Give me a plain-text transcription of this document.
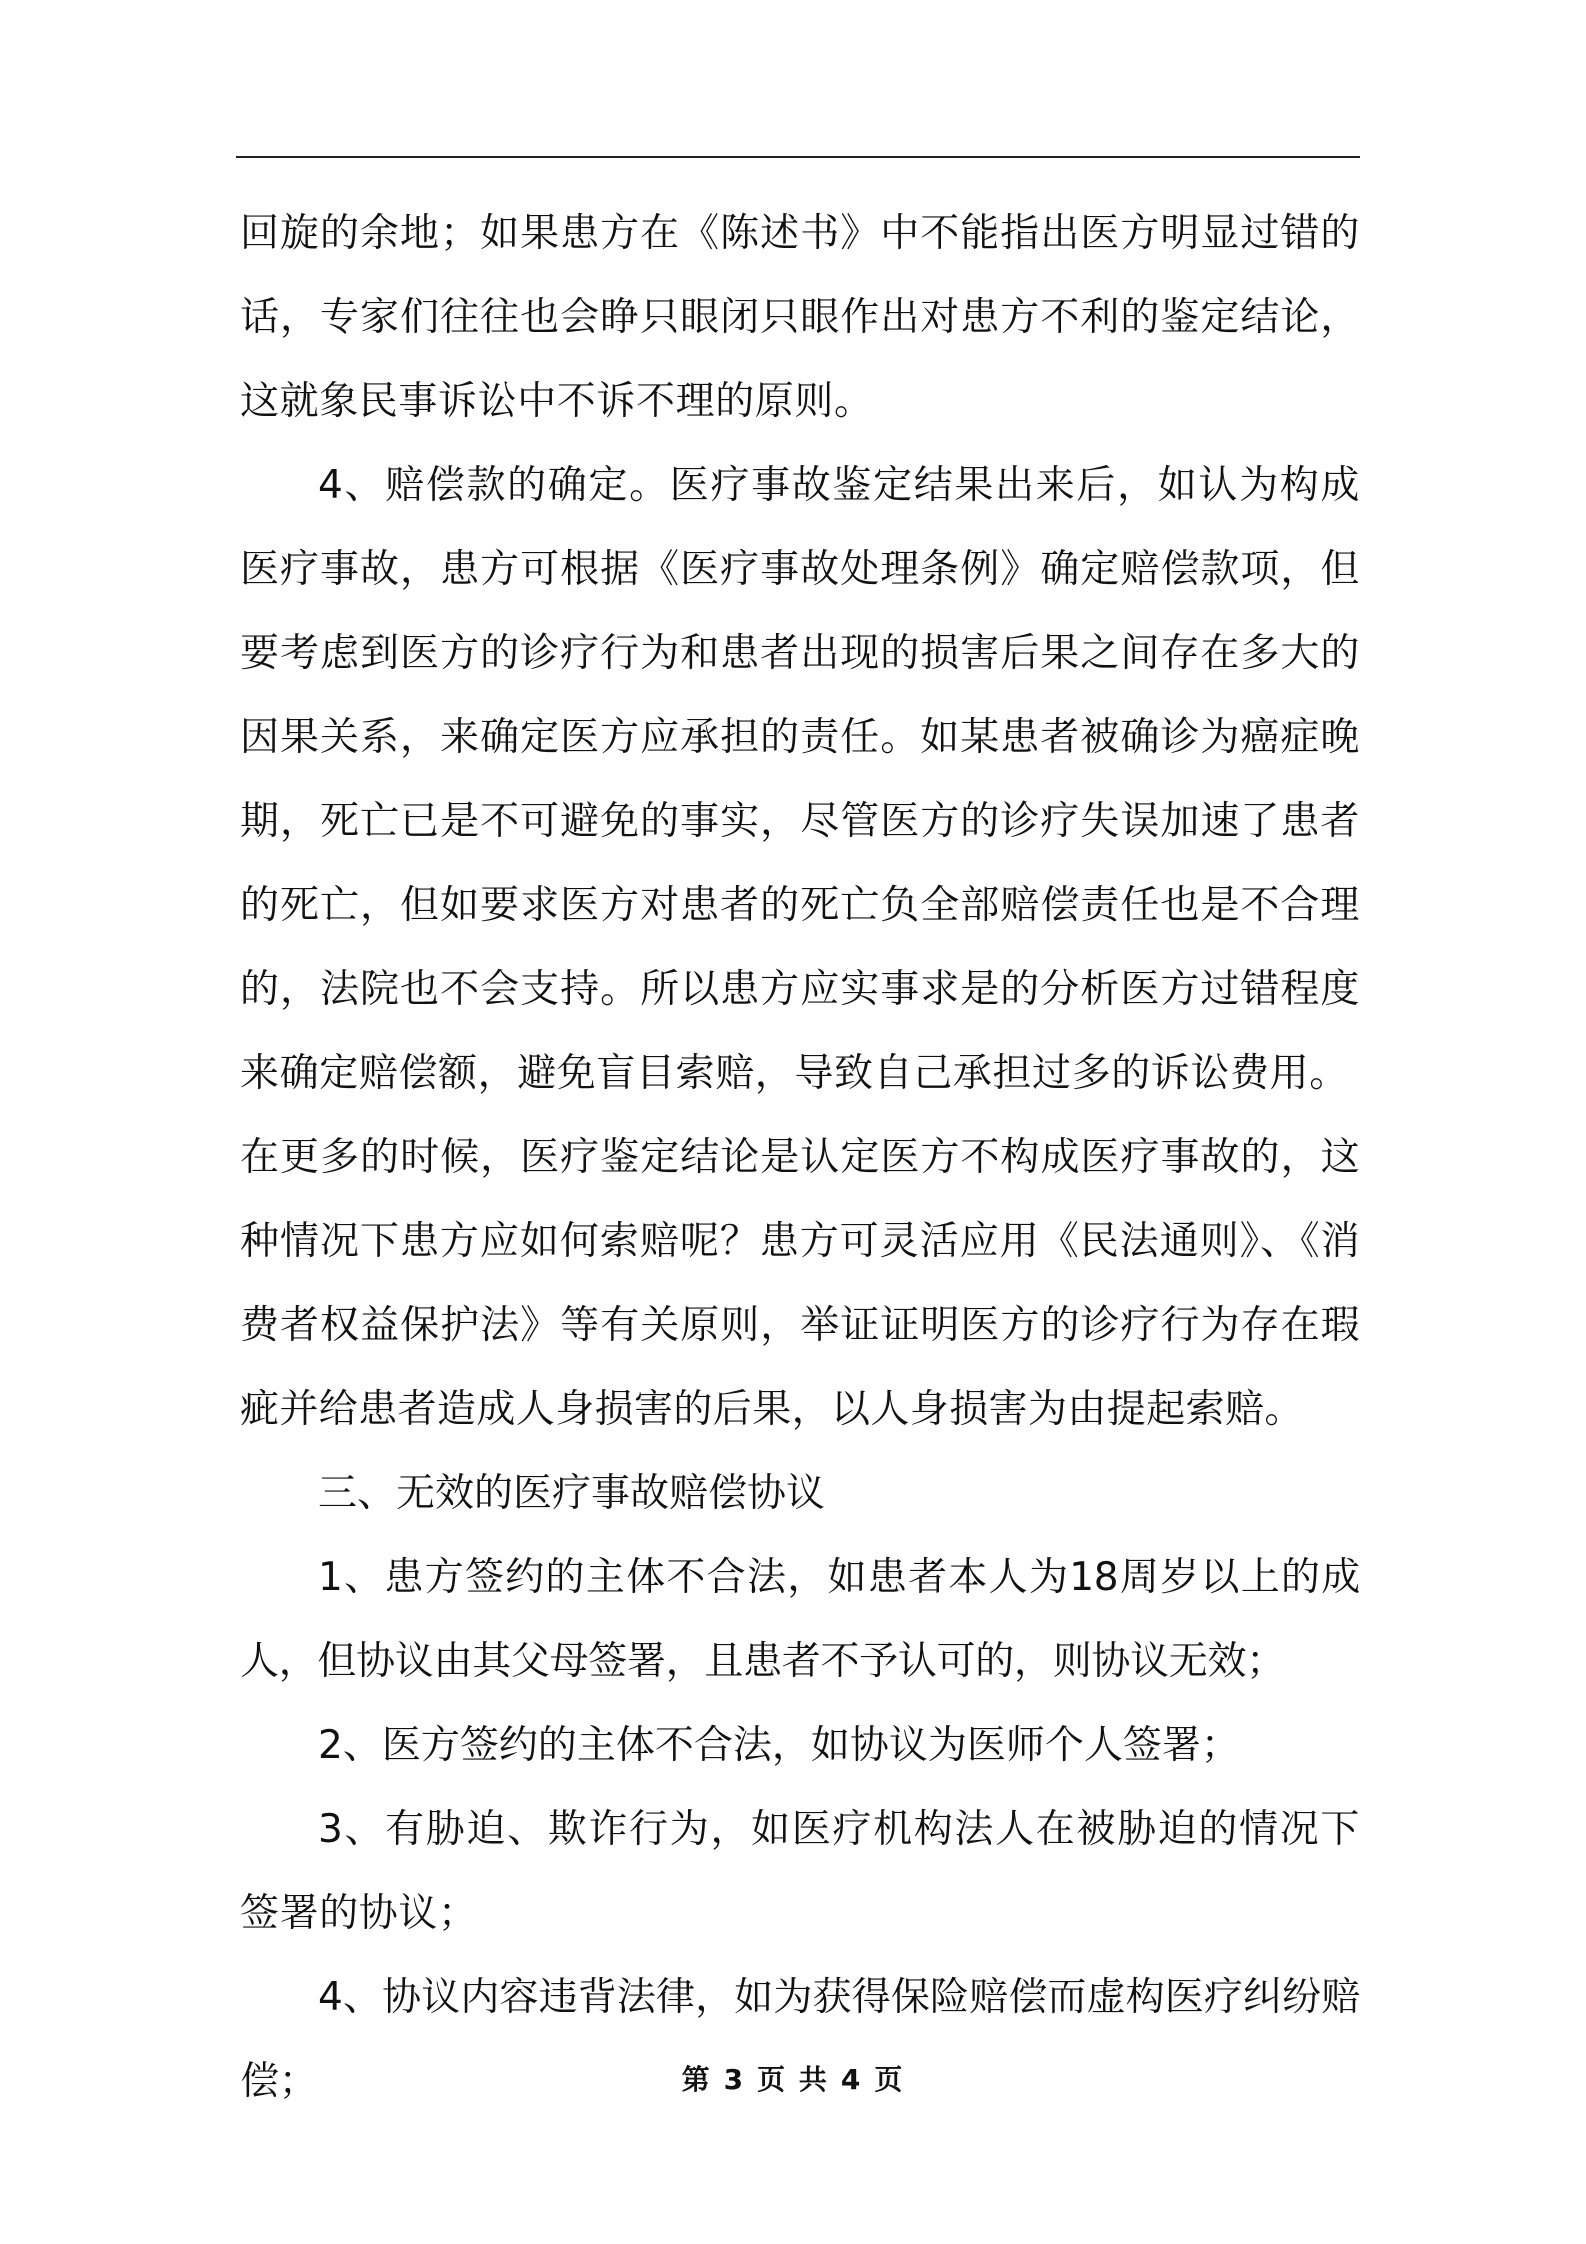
回旋的余地；如果患方在《陈述书》中不能指出医方明显过错的话，专家们往往也会睁只眼闭只眼作出对患方不利的鉴定结论，这就象民事诉讼中不诉不理的原则。

4、赔偿款的确定。医疗事故鉴定结果出来后，如认为构成医疗事故，患方可根据《医疗事故处理条例》确定赔偿款项，但要考虑到医方的诊疗行为和患者出现的损害后果之间存在多大的因果关系，来确定医方应承担的责任。如某患者被确诊为癌症晚期，死亡已是不可避免的事实，尽管医方的诊疗失误加速了患者的死亡，但如要求医方对患者的死亡负全部赔偿责任也是不合理的，法院也不会支持。所以患方应实事求是的分析医方过错程度来确定赔偿额，避免盲目索赔，导致自己承担过多的诉讼费用。

在更多的时候，医疗鉴定结论是认定医方不构成医疗事故的，这种情况下患方应如何索赔呢？患方可灵活应用《民法通则》、《消费者权益保护法》等有关原则，举证证明医方的诊疗行为存在瑕疵并给患者造成人身损害的后果，以人身损害为由提起索赔。

三、无效的医疗事故赔偿协议

1、患方签约的主体不合法，如患者本人为18周岁以上的成人，但协议由其父母签署，且患者不予认可的，则协议无效；

2、医方签约的主体不合法，如协议为医师个人签署；

3、有胁迫、欺诈行为，如医疗机构法人在被胁迫的情况下签署的协议；

4、协议内容违背法律，如为获得保险赔偿而虚构医疗纠纷赔偿；	第 3 页 共 4 页
